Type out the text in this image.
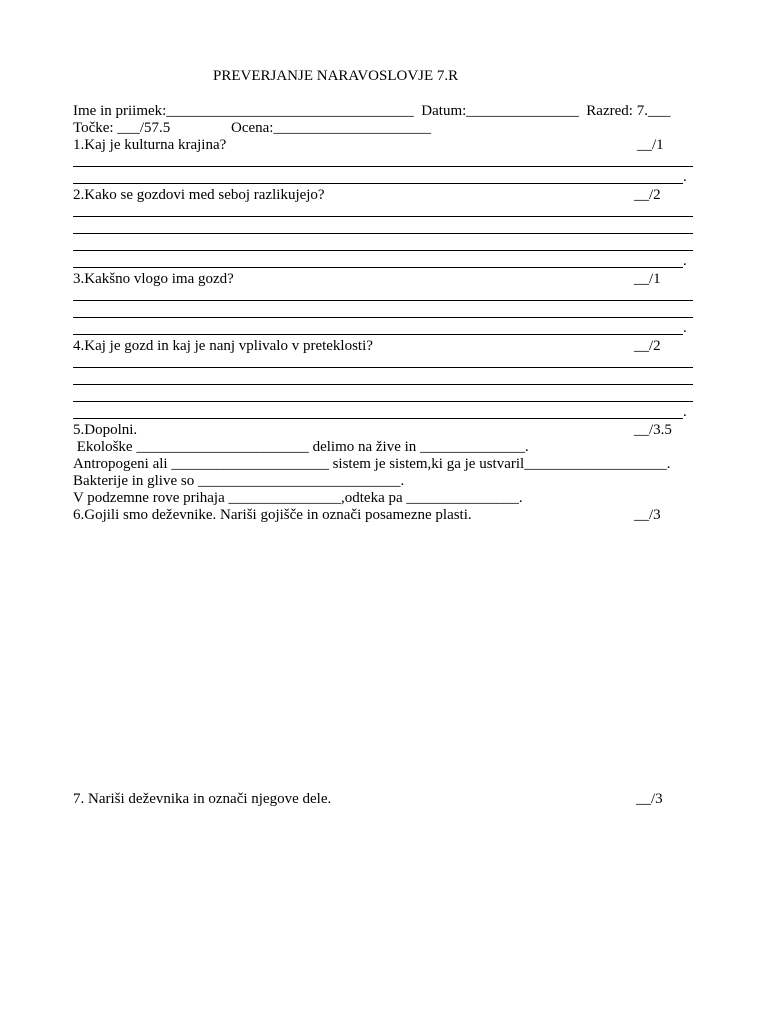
PREVERJANJE NARAVOSLOVJE 7.R
Ime in priimek:_________________________________  Datum:_______________  Razred: 7.___
Točke: ___/57.5	Ocena:_____________________
1.Kaj je kulturna krajina?	__/1
.
2.Kako se gozdovi med seboj razlikujejo?	__/2
.
3.Kakšno vlogo ima gozd?	__/1
.
4.Kaj je gozd in kaj je nanj vplivalo v preteklosti?	__/2
.
5.Dopolni.	__/3.5
Ekološke _______________________ delimo na žive in ______________.
Antropogeni ali _____________________ sistem je sistem,ki ga je ustvaril___________________.
Bakterije in glive so ___________________________.
V podzemne rove prihaja _______________,odteka pa _______________.
6.Gojili smo deževnike. Nariši gojišče in označi posamezne plasti.	__/3
7. Nariši deževnika in označi njegove dele.	__/3
